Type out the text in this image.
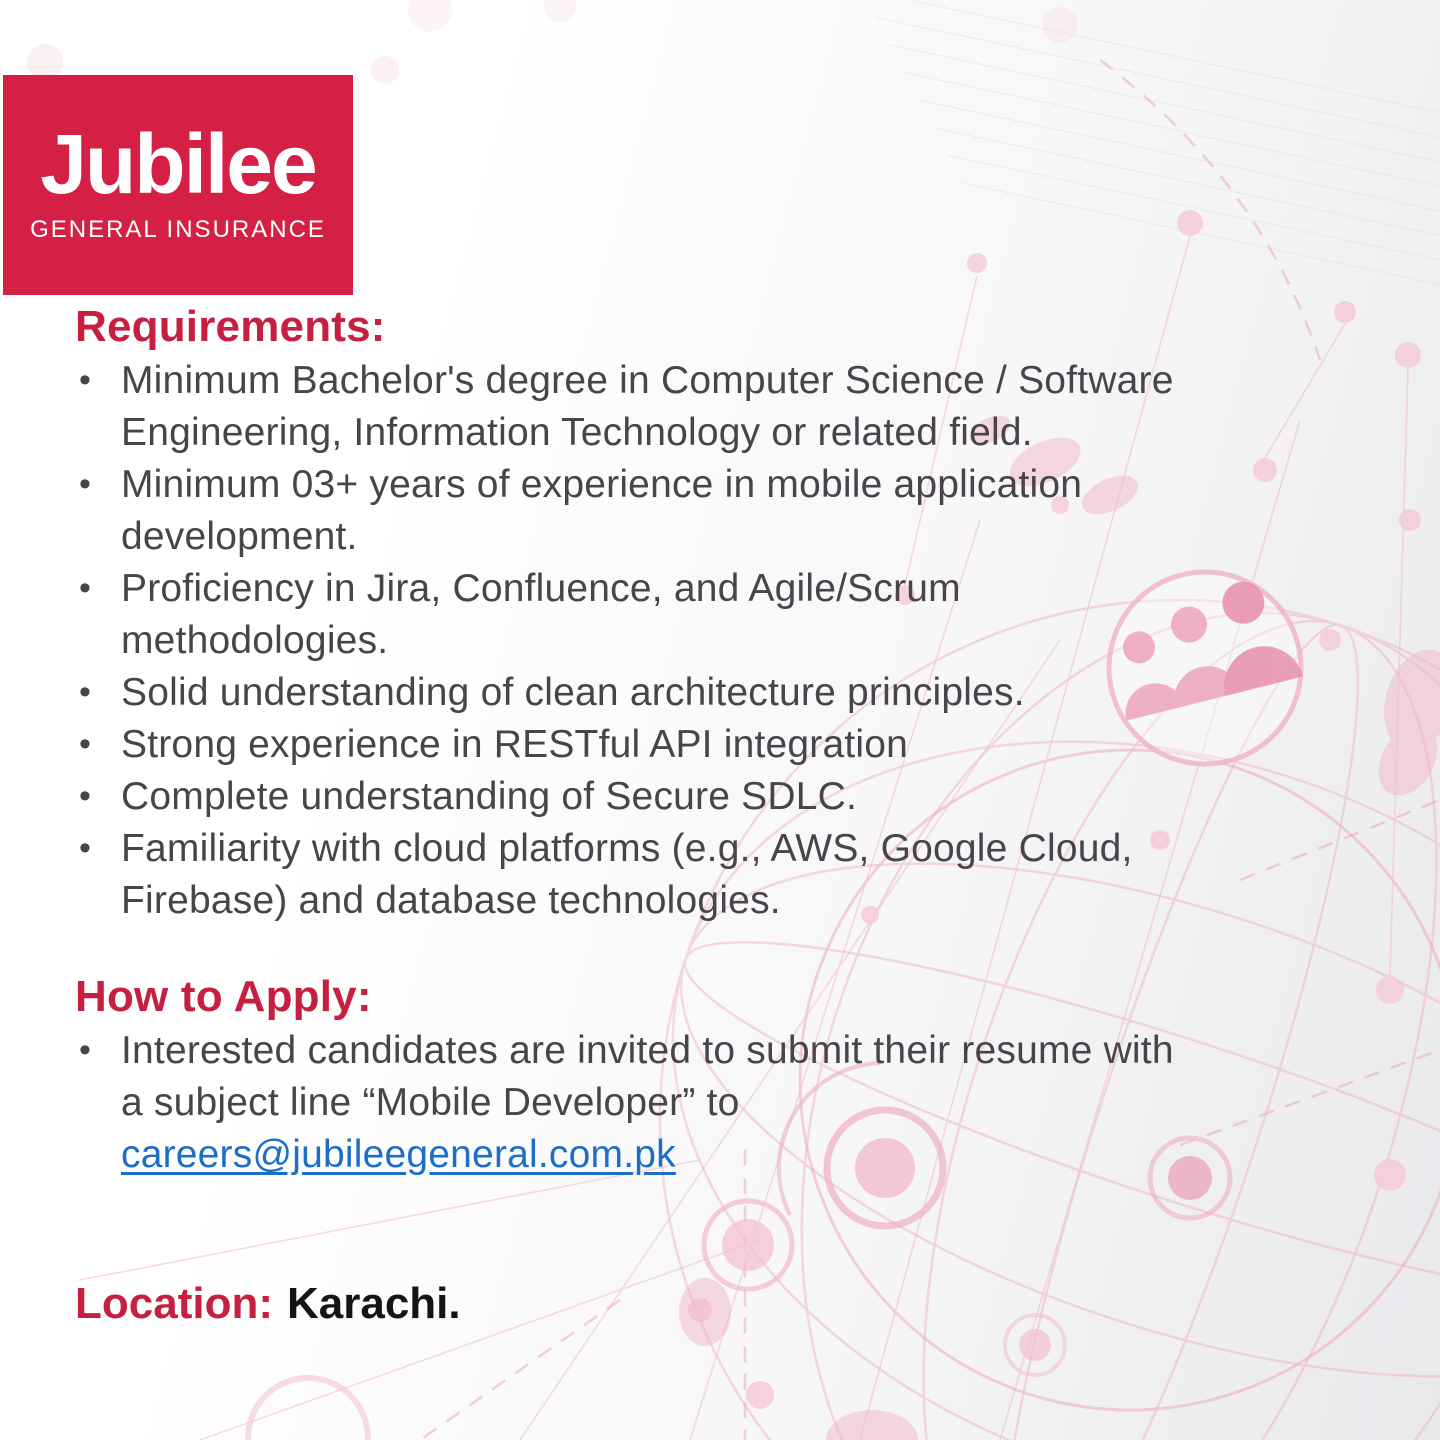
Jubilee
GENERAL INSURANCE
Requirements:
• Minimum Bachelor's degree in Computer Science / Software Engineering, Information Technology or related field.
• Minimum 03+ years of experience in mobile application development.
• Proficiency in Jira, Confluence, and Agile/Scrum methodologies.
• Solid understanding of clean architecture principles.
• Strong experience in RESTful API integration
• Complete understanding of Secure SDLC.
• Familiarity with cloud platforms (e.g., AWS, Google Cloud, Firebase) and database technologies.
How to Apply:
• Interested candidates are invited to submit their resume with a subject line “Mobile Developer” to
careers@jubileegeneral.com.pk
Location: Karachi.
